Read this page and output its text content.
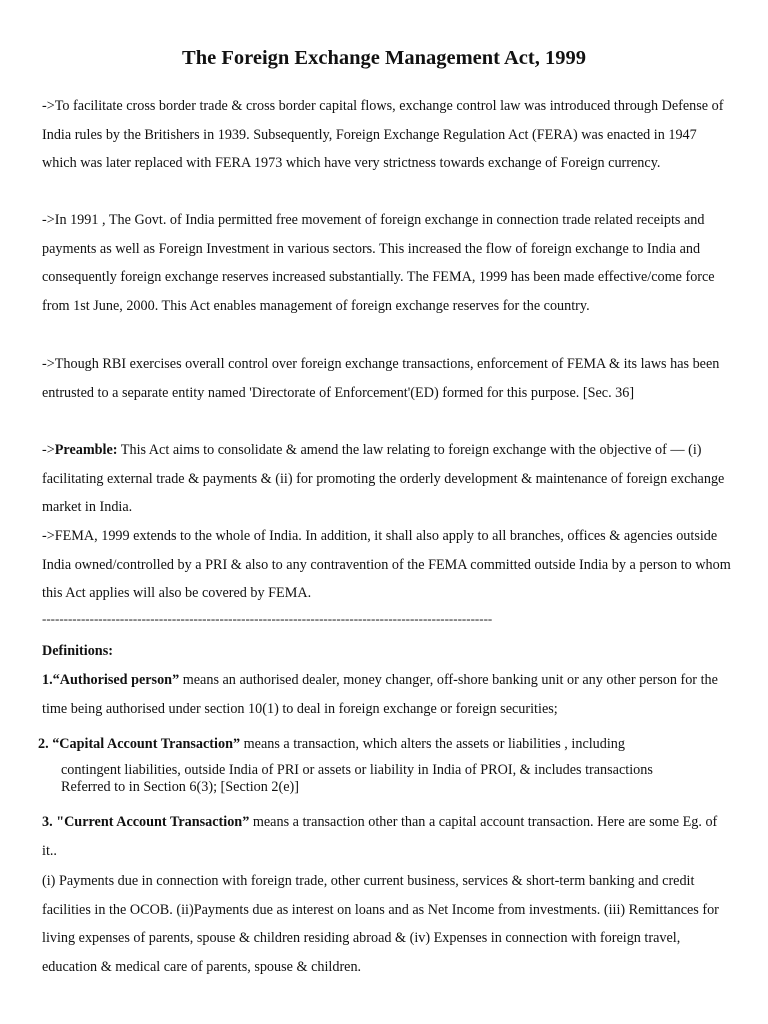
The Foreign Exchange Management Act, 1999

->To facilitate cross border trade & cross border capital flows, exchange control law was introduced through Defense of India rules by the Britishers in 1939. Subsequently, Foreign Exchange Regulation Act (FERA) was enacted in 1947 which was later replaced with FERA 1973 which have very strictness towards exchange of Foreign currency.

->In 1991 , The Govt. of India permitted free movement of foreign exchange in connection trade related receipts and payments as well as Foreign Investment in various sectors. This increased the flow of foreign exchange to India and consequently foreign exchange reserves increased substantially. The FEMA, 1999 has been made effective/come force from 1st June, 2000. This Act enables management of foreign exchange reserves for the country.

->Though RBI exercises overall control over foreign exchange transactions, enforcement of FEMA & its laws has been entrusted to a separate entity named 'Directorate of Enforcement'(ED) formed for this purpose. [Sec. 36]

->Preamble: This Act aims to consolidate & amend the law relating to foreign exchange with the objective of — (i) facilitating external trade & payments & (ii) for promoting the orderly development & maintenance of foreign exchange market in India.

->FEMA, 1999 extends to the whole of India. In addition, it shall also apply to all branches, offices & agencies outside India owned/controlled by a PRI & also to any contravention of the FEMA committed outside India by a person to whom this Act applies will also be covered by FEMA.

--------------------------------------------------------------------------------------------------------

Definitions:

1.“Authorised person” means an authorised dealer, money changer, off-shore banking unit or any other person for the time being authorised under section 10(1) to deal in foreign exchange or foreign securities;

2. “Capital Account Transaction” means a transaction, which alters the assets or liabilities , including

contingent liabilities, outside India of PRI or assets or liability in India of PROI, & includes transactions
Referred to in Section 6(3); [Section 2(e)]

3. "Current Account Transaction” means a transaction other than a capital account transaction. Here are some Eg. of it..

(i) Payments due in connection with foreign trade, other current business, services & short-term banking and credit facilities in the OCOB. (ii)Payments due as interest on loans and as Net Income from investments. (iii) Remittances for living expenses of parents, spouse & children residing abroad & (iv) Expenses in connection with foreign travel, education & medical care of parents, spouse & children.
